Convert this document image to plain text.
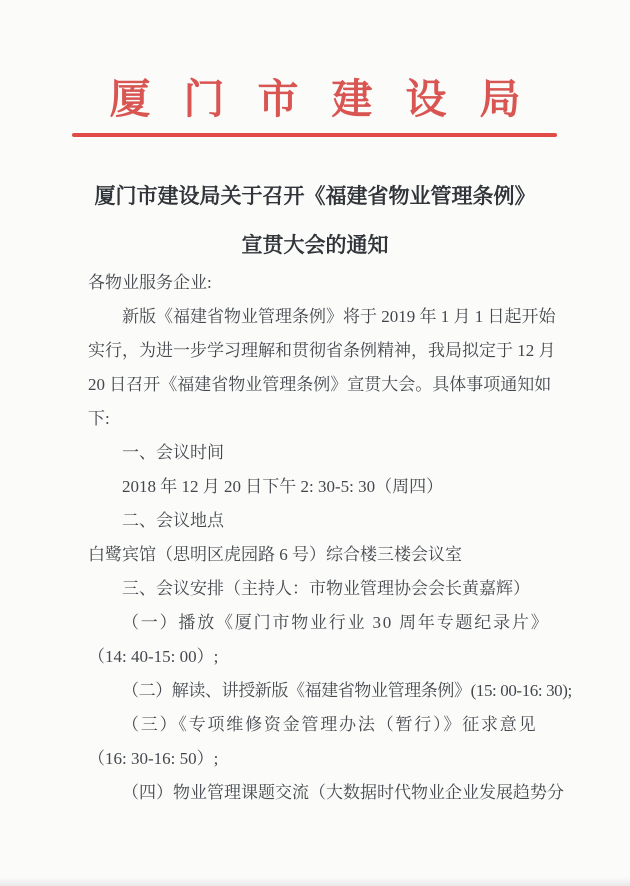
厦门市建设局
厦门市建设局关于召开《福建省物业管理条例》
宣贯大会的通知
各物业服务企业:
新版《福建省物业管理条例》将于 2019 年 1 月 1 日起开始
实行，为进一步学习理解和贯彻省条例精神，我局拟定于 12 月
20 日召开《福建省物业管理条例》宣贯大会。具体事项通知如
下:
一、会议时间
2018 年 12 月 20 日下午 2: 30-5: 30（周四）
二、会议地点
白鹭宾馆（思明区虎园路 6 号）综合楼三楼会议室
三、会议安排（主持人：市物业管理协会会长黄嘉辉）
（一）播放《厦门市物业行业 30 周年专题纪录片》
（14: 40-15: 00）;
（二）解读、讲授新版《福建省物业管理条例》(15: 00-16: 30);
（三）《专项维修资金管理办法（暂行）》征求意见
（16: 30-16: 50）;
（四）物业管理课题交流（大数据时代物业企业发展趋势分
